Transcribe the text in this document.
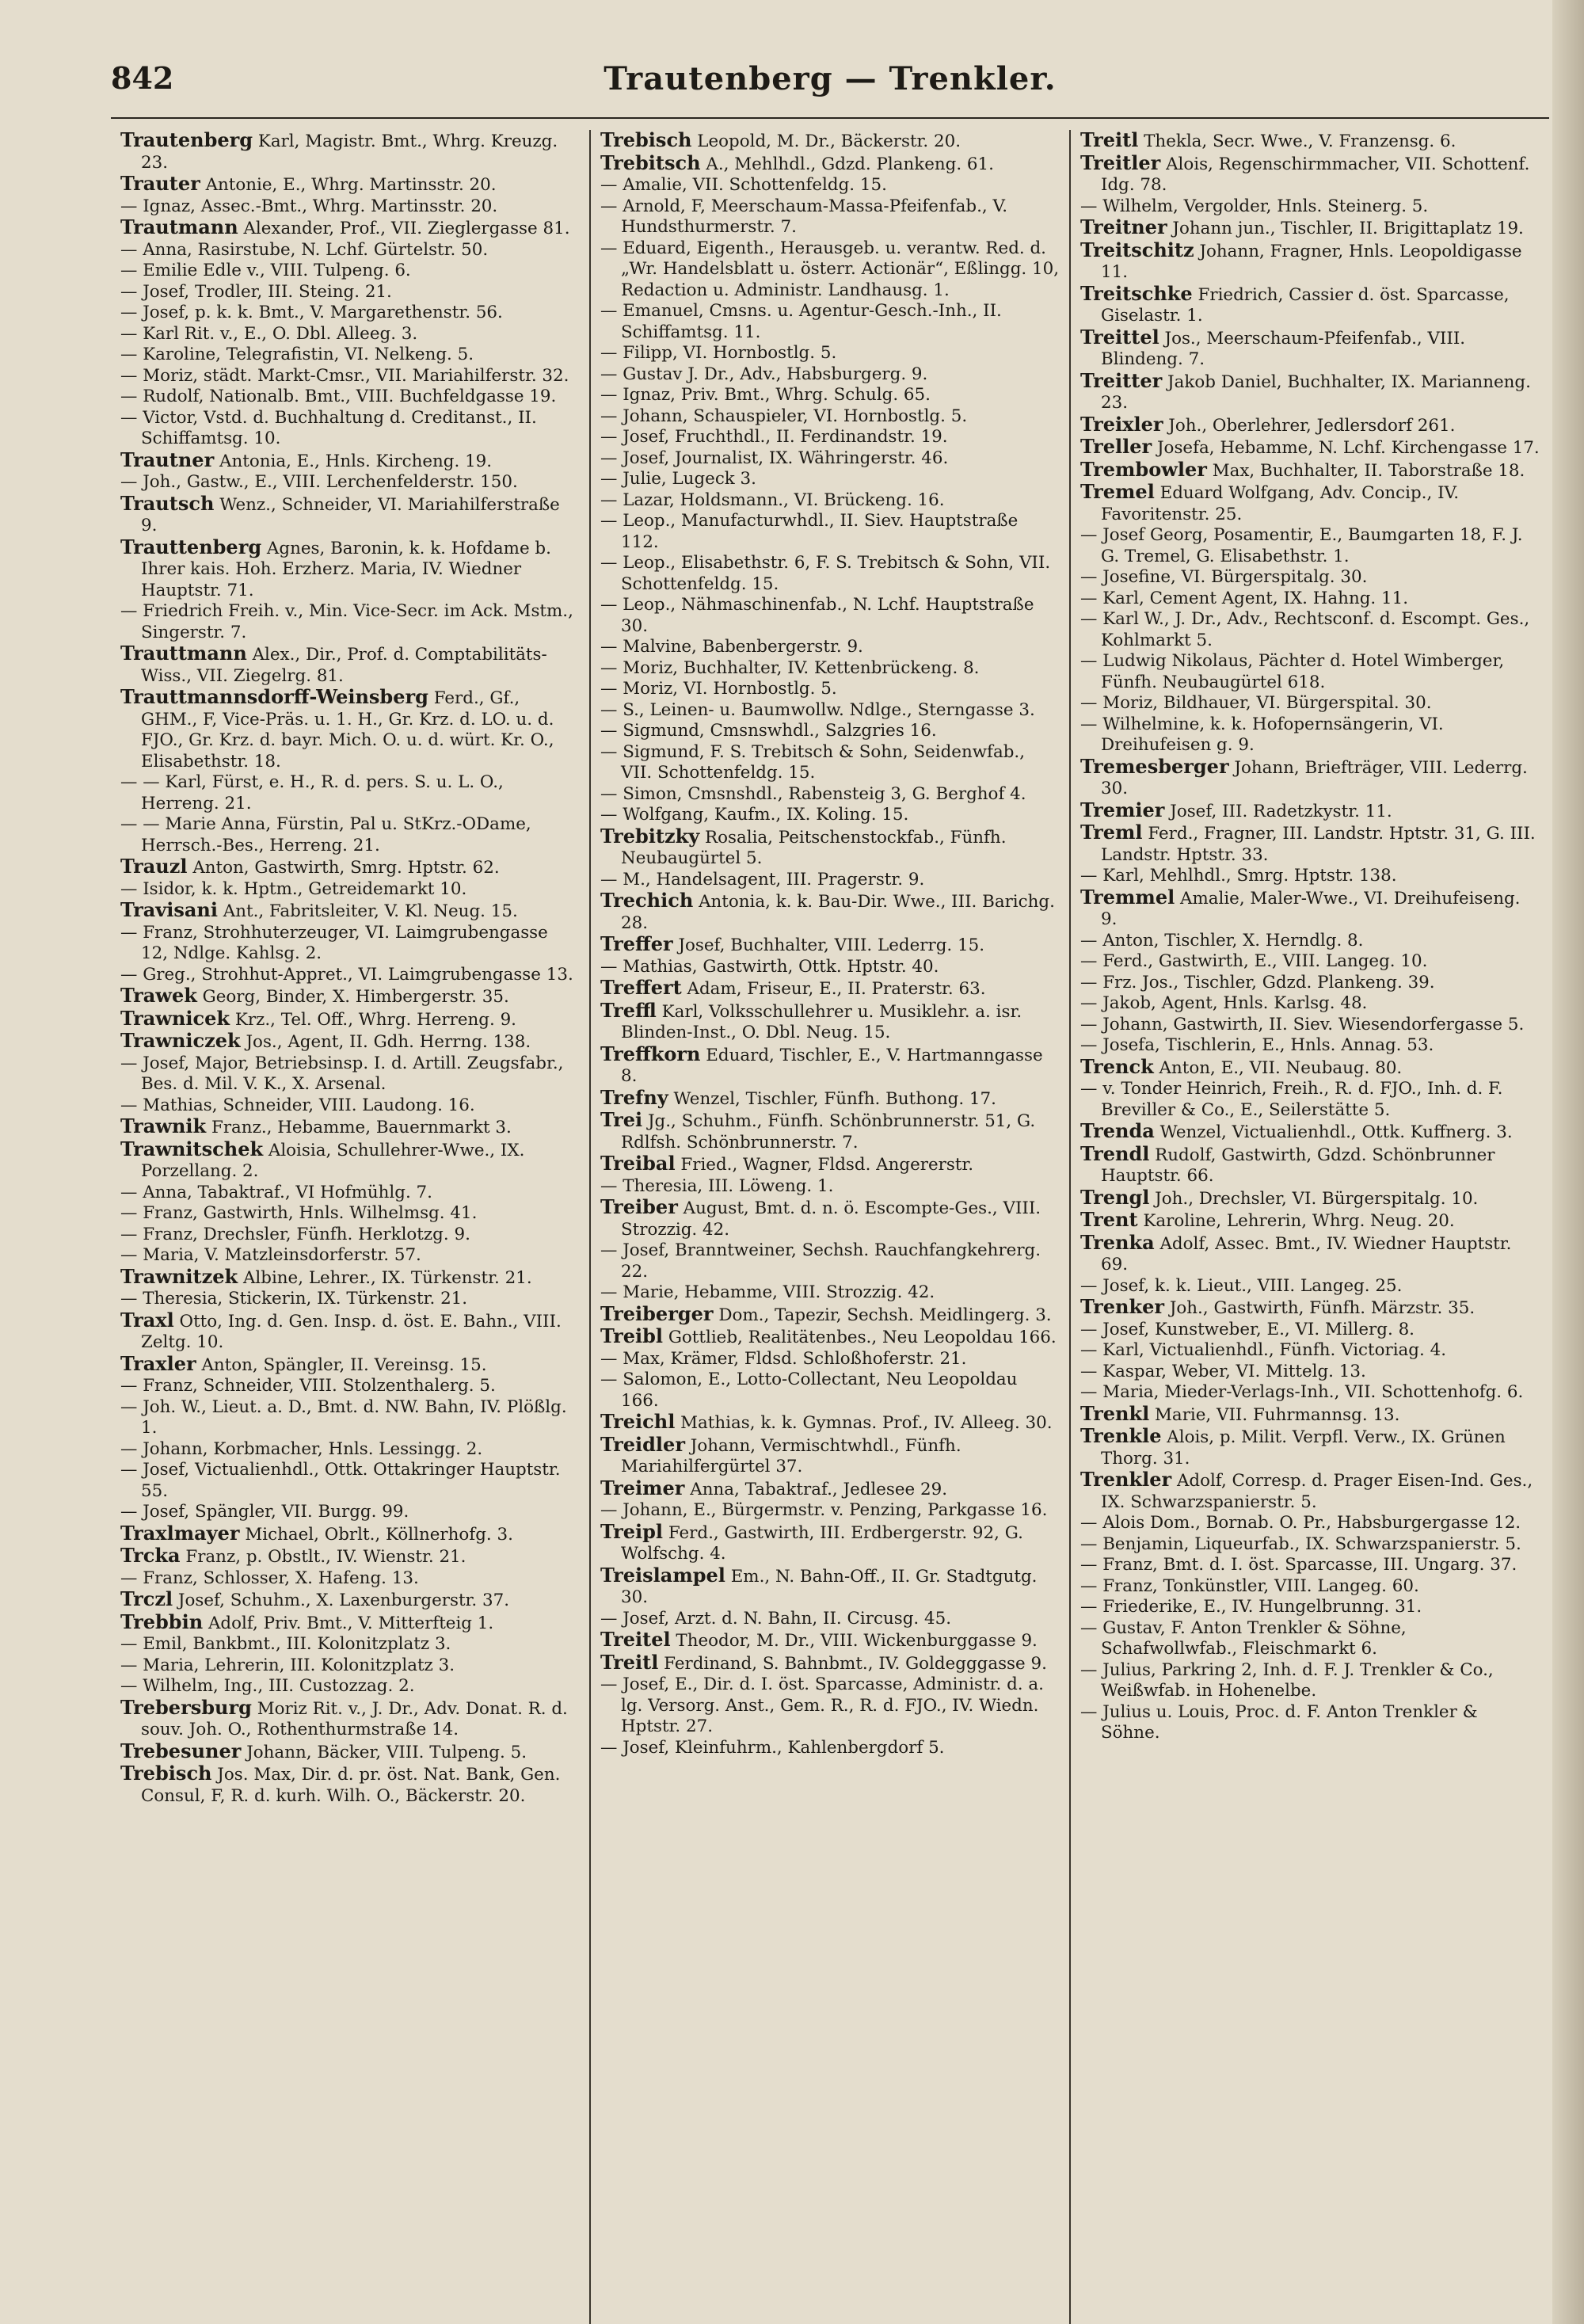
842	Trautenberg — Trenkler.

Trautenberg Karl, Magistr. Bmt., Whrg. Kreuzg. 23.

Trauter Antonie, E., Whrg. Martinsstr. 20.

— Ignaz, Assec.-Bmt., Whrg. Martinsstr. 20.

Trautmann Alexander, Prof., VII. Zieglergasse 81.

— Anna, Rasirstube, N. Lchf. Gürtelstr. 50.

— Emilie Edle v., VIII. Tulpeng. 6.

— Josef, Trodler, III. Steing. 21.

— Josef, p. k. k. Bmt., V. Margarethenstr. 56.

— Karl Rit. v., E., O. Dbl. Alleeg. 3.

— Karoline, Telegrafistin, VI. Nelkeng. 5.

— Moriz, städt. Markt-Cmsr., VII. Mariahilferstr. 32.

— Rudolf, Nationalb. Bmt., VIII. Buchfeldgasse 19.

— Victor, Vstd. d. Buchhaltung d. Creditanst., II. Schiffamtsg. 10.

Trautner Antonia, E., Hnls. Kircheng. 19.

— Joh., Gastw., E., VIII. Lerchenfelderstr. 150.

Trautsch Wenz., Schneider, VI. Mariahilferstraße 9.

Trauttenberg Agnes, Baronin, k. k. Hofdame b. Ihrer kais. Hoh. Erzherz. Maria, IV. Wiedner Hauptstr. 71.

— Friedrich Freih. v., Min. Vice-Secr. im Ack. Mstm., Singerstr. 7.

Trauttmann Alex., Dir., Prof. d. Comptabilitäts-Wiss., VII. Ziegelrg. 81.

Trauttmannsdorff-Weinsberg Ferd., Gf., GHM., F, Vice-Präs. u. 1. H., Gr. Krz. d. LO. u. d. FJO., Gr. Krz. d. bayr. Mich. O. u. d. würt. Kr. O., Elisabethstr. 18.

— — Karl, Fürst, e. H., R. d. pers. S. u. L. O., Herreng. 21.

— — Marie Anna, Fürstin, Pal u. StKrz.-ODame, Herrsch.-Bes., Herreng. 21.

Trauzl Anton, Gastwirth, Smrg. Hptstr. 62.

— Isidor, k. k. Hptm., Getreidemarkt 10.

Travisani Ant., Fabritsleiter, V. Kl. Neug. 15.

— Franz, Strohhuterzeuger, VI. Laimgrubengasse 12, Ndlge. Kahlsg. 2.

— Greg., Strohhut-Appret., VI. Laimgrubengasse 13.

Trawek Georg, Binder, X. Himbergerstr. 35.

Trawnicek Krz., Tel. Off., Whrg. Herreng. 9.

Trawniczek Jos., Agent, II. Gdh. Herrng. 138.

— Josef, Major, Betriebsinsp. I. d. Artill. Zeugsfabr., Bes. d. Mil. V. K., X. Arsenal.

— Mathias, Schneider, VIII. Laudong. 16.

Trawnik Franz., Hebamme, Bauernmarkt 3.

Trawnitschek Aloisia, Schullehrer-Wwe., IX. Porzellang. 2.

— Anna, Tabaktraf., VI Hofmühlg. 7.

— Franz, Gastwirth, Hnls. Wilhelmsg. 41.

— Franz, Drechsler, Fünfh. Herklotzg. 9.

— Maria, V. Matzleinsdorferstr. 57.

Trawnitzek Albine, Lehrer., IX. Türkenstr. 21.

— Theresia, Stickerin, IX. Türkenstr. 21.

Traxl Otto, Ing. d. Gen. Insp. d. öst. E. Bahn., VIII. Zeltg. 10.

Traxler Anton, Spängler, II. Vereinsg. 15.

— Franz, Schneider, VIII. Stolzenthalerg. 5.

— Joh. W., Lieut. a. D., Bmt. d. NW. Bahn, IV. Plößlg. 1.

— Johann, Korbmacher, Hnls. Lessingg. 2.

— Josef, Victualienhdl., Ottk. Ottakringer Hauptstr. 55.

— Josef, Spängler, VII. Burgg. 99.

Traxlmayer Michael, Obrlt., Köllnerhofg. 3.

Trcka Franz, p. Obstlt., IV. Wienstr. 21.

— Franz, Schlosser, X. Hafeng. 13.

Trczl Josef, Schuhm., X. Laxenburgerstr. 37.

Trebbin Adolf, Priv. Bmt., V. Mitterfteig 1.

— Emil, Bankbmt., III. Kolonitzplatz 3.

— Maria, Lehrerin, III. Kolonitzplatz 3.

— Wilhelm, Ing., III. Custozzag. 2.

Trebersburg Moriz Rit. v., J. Dr., Adv. Donat. R. d. souv. Joh. O., Rothenthurmstraße 14.

Trebesuner Johann, Bäcker, VIII. Tulpeng. 5.

Trebisch Jos. Max, Dir. d. pr. öst. Nat. Bank, Gen. Consul, F, R. d. kurh. Wilh. O., Bäckerstr. 20.

Trebisch Leopold, M. Dr., Bäckerstr. 20.

Trebitsch A., Mehlhdl., Gdzd. Plankeng. 61.

— Amalie, VII. Schottenfeldg. 15.

— Arnold, F, Meerschaum-Massa-Pfeifenfab., V. Hundsthurmerstr. 7.

— Eduard, Eigenth., Herausgeb. u. verantw. Red. d. „Wr. Handelsblatt u. österr. Actionär“, Eßlingg. 10, Redaction u. Administr. Landhausg. 1.

— Emanuel, Cmsns. u. Agentur-Gesch.-Inh., II. Schiffamtsg. 11.

— Filipp, VI. Hornbostlg. 5.

— Gustav J. Dr., Adv., Habsburgerg. 9.

— Ignaz, Priv. Bmt., Whrg. Schulg. 65.

— Johann, Schauspieler, VI. Hornbostlg. 5.

— Josef, Fruchthdl., II. Ferdinandstr. 19.

— Josef, Journalist, IX. Währingerstr. 46.

— Julie, Lugeck 3.

— Lazar, Holdsmann., VI. Brückeng. 16.

— Leop., Manufacturwhdl., II. Siev. Hauptstraße 112.

— Leop., Elisabethstr. 6, F. S. Trebitsch & Sohn, VII. Schottenfeldg. 15.

— Leop., Nähmaschinenfab., N. Lchf. Hauptstraße 30.

— Malvine, Babenbergerstr. 9.

— Moriz, Buchhalter, IV. Kettenbrückeng. 8.

— Moriz, VI. Hornbostlg. 5.

— S., Leinen- u. Baumwollw. Ndlge., Sterngasse 3.

— Sigmund, Cmsnswhdl., Salzgries 16.

— Sigmund, F. S. Trebitsch & Sohn, Seidenwfab., VII. Schottenfeldg. 15.

— Simon, Cmsnshdl., Rabensteig 3, G. Berghof 4.

— Wolfgang, Kaufm., IX. Koling. 15.

Trebitzky Rosalia, Peitschenstockfab., Fünfh. Neubaugürtel 5.

— M., Handelsagent, III. Pragerstr. 9.

Trechich Antonia, k. k. Bau-Dir. Wwe., III. Barichg. 28.

Treffer Josef, Buchhalter, VIII. Lederrg. 15.

— Mathias, Gastwirth, Ottk. Hptstr. 40.

Treffert Adam, Friseur, E., II. Praterstr. 63.

Treffl Karl, Volksschullehrer u. Musiklehr. a. isr. Blinden-Inst., O. Dbl. Neug. 15.

Treffkorn Eduard, Tischler, E., V. Hartmanngasse 8.

Trefny Wenzel, Tischler, Fünfh. Buthong. 17.

Trei Jg., Schuhm., Fünfh. Schönbrunnerstr. 51, G. Rdlfsh. Schönbrunnerstr. 7.

Treibal Fried., Wagner, Fldsd. Angererstr.

— Theresia, III. Löweng. 1.

Treiber August, Bmt. d. n. ö. Escompte-Ges., VIII. Strozzig. 42.

— Josef, Branntweiner, Sechsh. Rauchfangkehrerg. 22.

— Marie, Hebamme, VIII. Strozzig. 42.

Treiberger Dom., Tapezir, Sechsh. Meidlingerg. 3.

Treibl Gottlieb, Realitätenbes., Neu Leopoldau 166.

— Max, Krämer, Fldsd. Schloßhoferstr. 21.

— Salomon, E., Lotto-Collectant, Neu Leopoldau 166.

Treichl Mathias, k. k. Gymnas. Prof., IV. Alleeg. 30.

Treidler Johann, Vermischtwhdl., Fünfh. Mariahilfergürtel 37.

Treimer Anna, Tabaktraf., Jedlesee 29.

— Johann, E., Bürgermstr. v. Penzing, Parkgasse 16.

Treipl Ferd., Gastwirth, III. Erdbergerstr. 92, G. Wolfschg. 4.

Treislampel Em., N. Bahn-Off., II. Gr. Stadtgutg. 30.

— Josef, Arzt. d. N. Bahn, II. Circusg. 45.

Treitel Theodor, M. Dr., VIII. Wickenburggasse 9.

Treitl Ferdinand, S. Bahnbmt., IV. Goldegggasse 9.

— Josef, E., Dir. d. I. öst. Sparcasse, Administr. d. a. lg. Versorg. Anst., Gem. R., R. d. FJO., IV. Wiedn. Hptstr. 27.

— Josef, Kleinfuhrm., Kahlenbergdorf 5.

Treitl Thekla, Secr. Wwe., V. Franzensg. 6.

Treitler Alois, Regenschirmmacher, VII. Schottenf. Idg. 78.

— Wilhelm, Vergolder, Hnls. Steinerg. 5.

Treitner Johann jun., Tischler, II. Brigittaplatz 19.

Treitschitz Johann, Fragner, Hnls. Leopoldigasse 11.

Treitschke Friedrich, Cassier d. öst. Sparcasse, Giselastr. 1.

Treittel Jos., Meerschaum-Pfeifenfab., VIII. Blindeng. 7.

Treitter Jakob Daniel, Buchhalter, IX. Marianneng. 23.

Treixler Joh., Oberlehrer, Jedlersdorf 261.

Treller Josefa, Hebamme, N. Lchf. Kirchengasse 17.

Trembowler Max, Buchhalter, II. Taborstraße 18.

Tremel Eduard Wolfgang, Adv. Concip., IV. Favoritenstr. 25.

— Josef Georg, Posamentir, E., Baumgarten 18, F. J. G. Tremel, G. Elisabethstr. 1.

— Josefine, VI. Bürgerspitalg. 30.

— Karl, Cement Agent, IX. Hahng. 11.

— Karl W., J. Dr., Adv., Rechtsconf. d. Escompt. Ges., Kohlmarkt 5.

— Ludwig Nikolaus, Pächter d. Hotel Wimberger, Fünfh. Neubaugürtel 618.

— Moriz, Bildhauer, VI. Bürgerspital. 30.

— Wilhelmine, k. k. Hofopernsängerin, VI. Dreihufeisen g. 9.

Tremesberger Johann, Briefträger, VIII. Lederrg. 30.

Tremier Josef, III. Radetzkystr. 11.

Treml Ferd., Fragner, III. Landstr. Hptstr. 31, G. III. Landstr. Hptstr. 33.

— Karl, Mehlhdl., Smrg. Hptstr. 138.

Tremmel Amalie, Maler-Wwe., VI. Dreihufeiseng. 9.

— Anton, Tischler, X. Herndlg. 8.

— Ferd., Gastwirth, E., VIII. Langeg. 10.

— Frz. Jos., Tischler, Gdzd. Plankeng. 39.

— Jakob, Agent, Hnls. Karlsg. 48.

— Johann, Gastwirth, II. Siev. Wiesendorfergasse 5.

— Josefa, Tischlerin, E., Hnls. Annag. 53.

Trenck Anton, E., VII. Neubaug. 80.

— v. Tonder Heinrich, Freih., R. d. FJO., Inh. d. F. Breviller & Co., E., Seilerstätte 5.

Trenda Wenzel, Victualienhdl., Ottk. Kuffnerg. 3.

Trendl Rudolf, Gastwirth, Gdzd. Schönbrunner Hauptstr. 66.

Trengl Joh., Drechsler, VI. Bürgerspitalg. 10.

Trent Karoline, Lehrerin, Whrg. Neug. 20.

Trenka Adolf, Assec. Bmt., IV. Wiedner Hauptstr. 69.

— Josef, k. k. Lieut., VIII. Langeg. 25.

Trenker Joh., Gastwirth, Fünfh. Märzstr. 35.

— Josef, Kunstweber, E., VI. Millerg. 8.

— Karl, Victualienhdl., Fünfh. Victoriag. 4.

— Kaspar, Weber, VI. Mittelg. 13.

— Maria, Mieder-Verlags-Inh., VII. Schottenhofg. 6.

Trenkl Marie, VII. Fuhrmannsg. 13.

Trenkle Alois, p. Milit. Verpfl. Verw., IX. Grünen Thorg. 31.

Trenkler Adolf, Corresp. d. Prager Eisen-Ind. Ges., IX. Schwarzspanierstr. 5.

— Alois Dom., Bornab. O. Pr., Habsburgergasse 12.

— Benjamin, Liqueurfab., IX. Schwarzspanierstr. 5.

— Franz, Bmt. d. I. öst. Sparcasse, III. Ungarg. 37.

— Franz, Tonkünstler, VIII. Langeg. 60.

— Friederike, E., IV. Hungelbrunng. 31.

— Gustav, F. Anton Trenkler & Söhne, Schafwollwfab., Fleischmarkt 6.

— Julius, Parkring 2, Inh. d. F. J. Trenkler & Co., Weißwfab. in Hohenelbe.

— Julius u. Louis, Proc. d. F. Anton Trenkler & Söhne.
